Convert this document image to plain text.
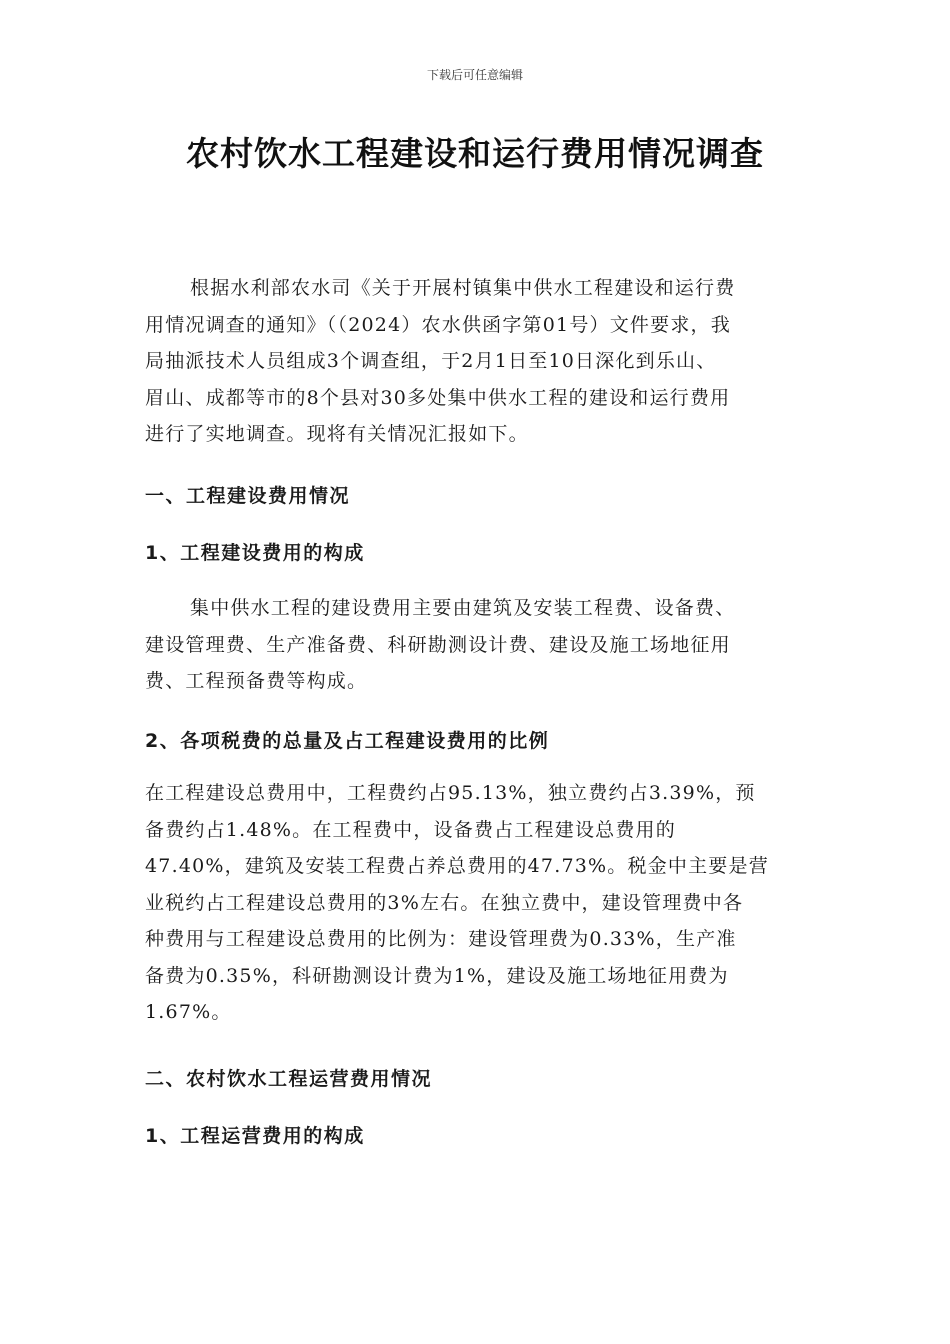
下载后可任意编辑
农村饮水工程建设和运行费用情况调查

根据水利部农水司《关于开展村镇集中供水工程建设和运行费
用情况调查的通知》（（2024）农水供函字第01号）文件要求，我
局抽派技术人员组成3个调查组，于2月1日至10日深化到乐山、
眉山、成都等市的8个县对30多处集中供水工程的建设和运行费用
进行了实地调查。现将有关情况汇报如下。

一、工程建设费用情况
1、工程建设费用的构成

集中供水工程的建设费用主要由建筑及安装工程费、设备费、
建设管理费、生产准备费、科研勘测设计费、建设及施工场地征用
费、工程预备费等构成。

2、各项税费的总量及占工程建设费用的比例

在工程建设总费用中，工程费约占95.13%，独立费约占3.39%，预
备费约占1.48%。在工程费中，设备费占工程建设总费用的
47.40%，建筑及安装工程费占养总费用的47.73%。税金中主要是营
业税约占工程建设总费用的3%左右。在独立费中，建设管理费中各
种费用与工程建设总费用的比例为：建设管理费为0.33%，生产准
备费为0.35%，科研勘测设计费为1%，建设及施工场地征用费为
1.67%。

二、农村饮水工程运营费用情况
1、工程运营费用的构成
